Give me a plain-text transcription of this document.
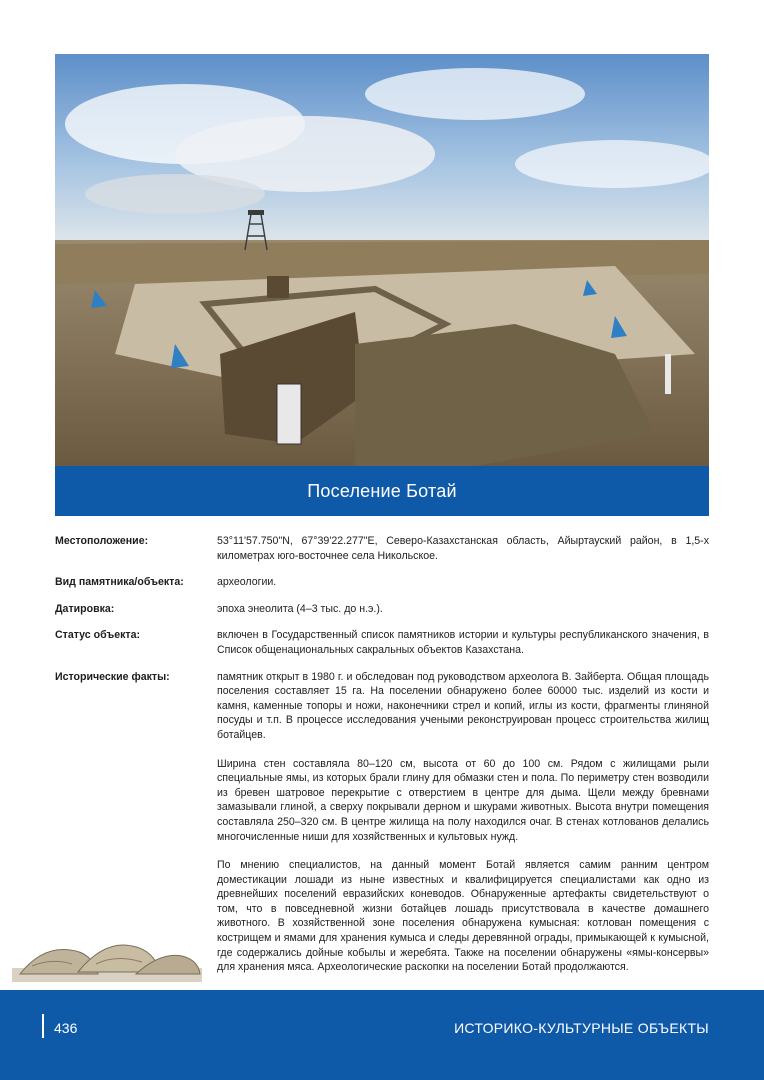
Поселение Ботай
Местоположение:	53°11'57.750"N, 67°39'22.277"E, Северо-Казахстанская область, Айыртауский район, в 1,5-х километрах юго-восточнее села Никольское.

Вид памятника/объекта:	археологии.

Датировка:	эпоха энеолита (4–3 тыс. до н.э.).

Статус объекта:	включен в Государственный список памятников истории и культуры республиканского значения, в Список общенациональных сакральных объектов Казахстана.

Исторические факты:	памятник открыт в 1980 г. и обследован под руководством археолога В. Зайберта. Общая площадь поселения составляет 15 га. На поселении обнаружено более 60000 тыс. изделий из кости и камня, каменные топоры и ножи, наконечники стрел и копий, иглы из кости, фрагменты глиняной посуды и т.п. В процессе исследования учеными реконструирован процесс строительства жилищ ботайцев.

Ширина стен составляла 80–120 см, высота от 60 до 100 см. Рядом с жилищами рыли специальные ямы, из которых брали глину для обмазки стен и пола. По периметру стен возводили из бревен шатровое перекрытие с отверстием в центре для дыма. Щели между бревнами замазывали глиной, а сверху покрывали дерном и шкурами животных. Высота внутри помещения составляла 250–320 см. В центре жилища на полу находился очаг. В стенах котлованов делались многочисленные ниши для хозяйственных и культовых нужд.

По мнению специалистов, на данный момент Ботай является самим ранним центром доместикации лошади из ныне известных и квалифицируется специалистами как одно из древнейших поселений евразийских коневодов. Обнаруженные артефакты свидетельствуют о том, что в повседневной жизни ботайцев лошадь присутствовала в качестве домашнего животного. В хозяйственной зоне поселения обнаружена кумысная: котлован помещения с кострищем и ямами для хранения кумыса и следы деревянной ограды, примыкающей к кумысной, где содержались дойные кобылы и жеребята. Также на поселении обнаружены «ямы-консервы» для хранения мяса. Археологические раскопки на поселении Ботай продолжаются.

436	ИСТОРИКО-КУЛЬТУРНЫЕ ОБЪЕКТЫ
